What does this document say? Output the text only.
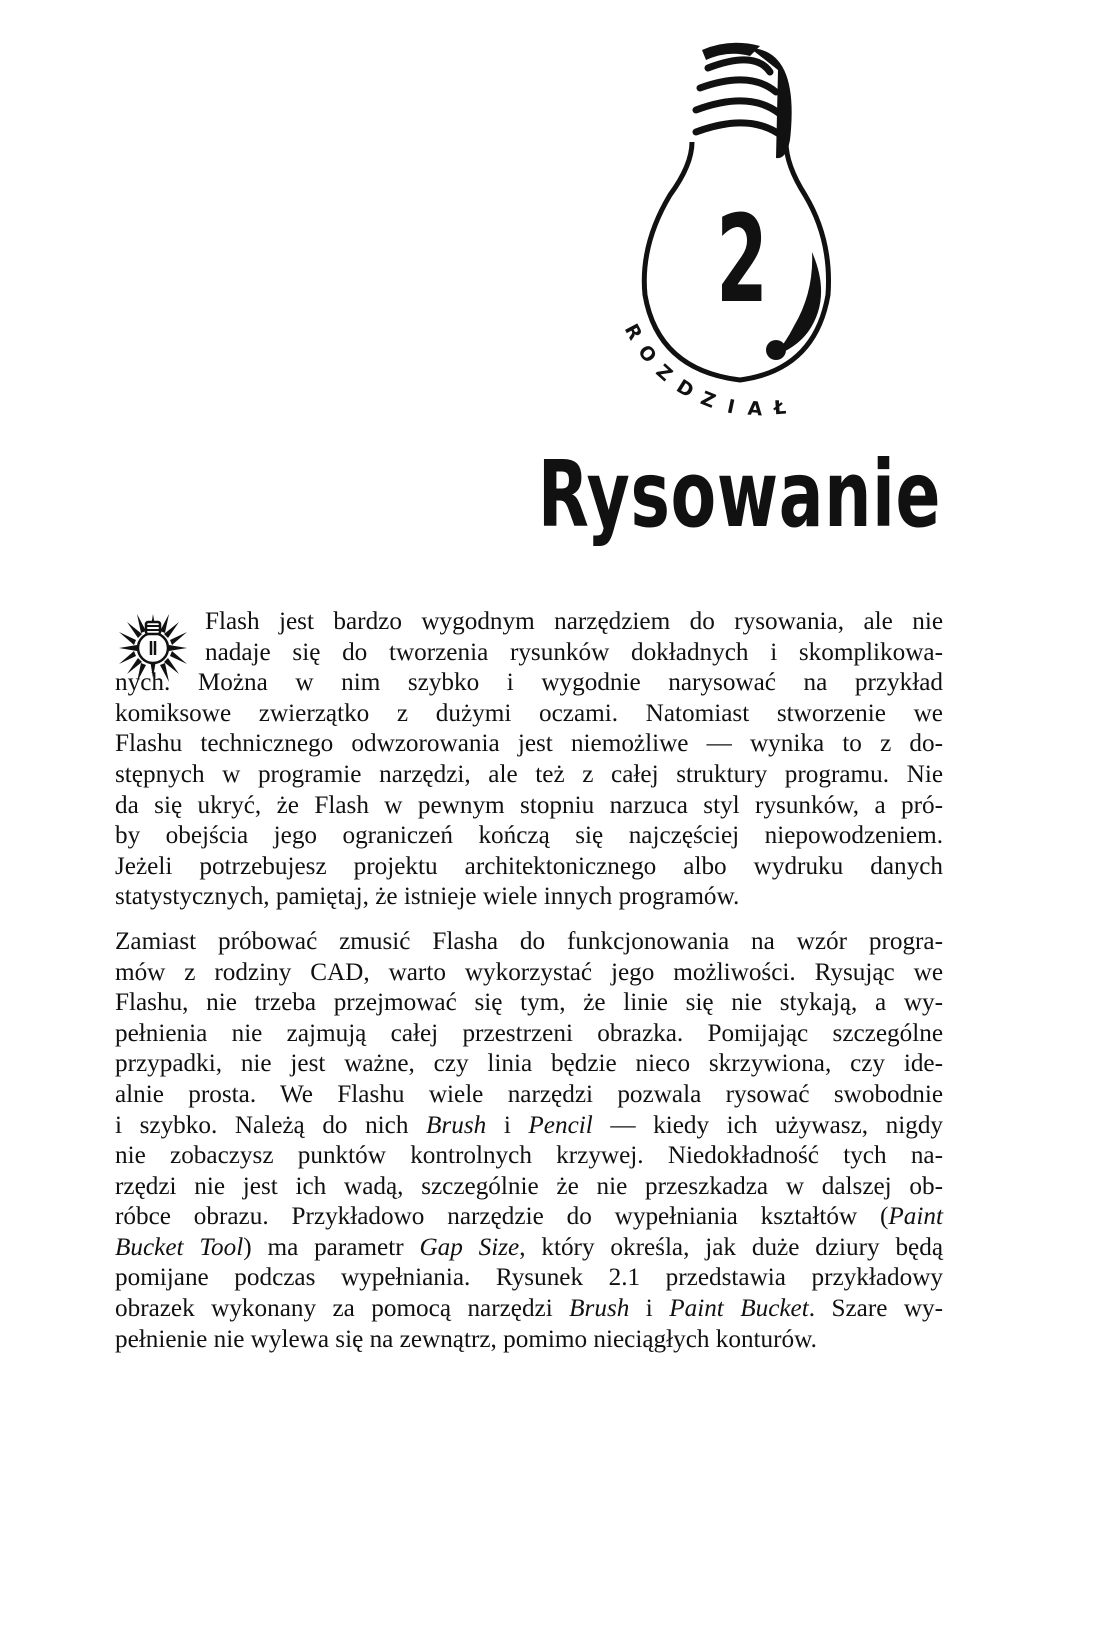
2
R
O
Z
D Z I A Ł
Rysowanie
Flash jest bardzo wygodnym narzędziem do rysowania, ale nie
nadaje się do tworzenia rysunków dokładnych i skomplikowa-
nych. Można w nim szybko i wygodnie narysować na przykład
komiksowe zwierzątko z dużymi oczami. Natomiast stworzenie we
Flashu technicznego odwzorowania jest niemożliwe — wynika to z do-
stępnych w programie narzędzi, ale też z całej struktury programu. Nie
da się ukryć, że Flash w pewnym stopniu narzuca styl rysunków, a pró-
by obejścia jego ograniczeń kończą się najczęściej niepowodzeniem.
Jeżeli potrzebujesz projektu architektonicznego albo wydruku danych
statystycznych, pamiętaj, że istnieje wiele innych programów.
Zamiast próbować zmusić Flasha do funkcjonowania na wzór progra-
mów z rodziny CAD, warto wykorzystać jego możliwości. Rysując we
Flashu, nie trzeba przejmować się tym, że linie się nie stykają, a wy-
pełnienia nie zajmują całej przestrzeni obrazka. Pomijając szczególne
przypadki, nie jest ważne, czy linia będzie nieco skrzywiona, czy ide-
alnie prosta. We Flashu wiele narzędzi pozwala rysować swobodnie
i szybko. Należą do nich Brush i Pencil — kiedy ich używasz, nigdy
nie zobaczysz punktów kontrolnych krzywej. Niedokładność tych na-
rzędzi nie jest ich wadą, szczególnie że nie przeszkadza w dalszej ob-
róbce obrazu. Przykładowo narzędzie do wypełniania kształtów (Paint
Bucket Tool) ma parametr Gap Size, który określa, jak duże dziury będą
pomijane podczas wypełniania. Rysunek 2.1 przedstawia przykładowy
obrazek wykonany za pomocą narzędzi Brush i Paint Bucket. Szare wy-
pełnienie nie wylewa się na zewnątrz, pomimo nieciągłych konturów.
